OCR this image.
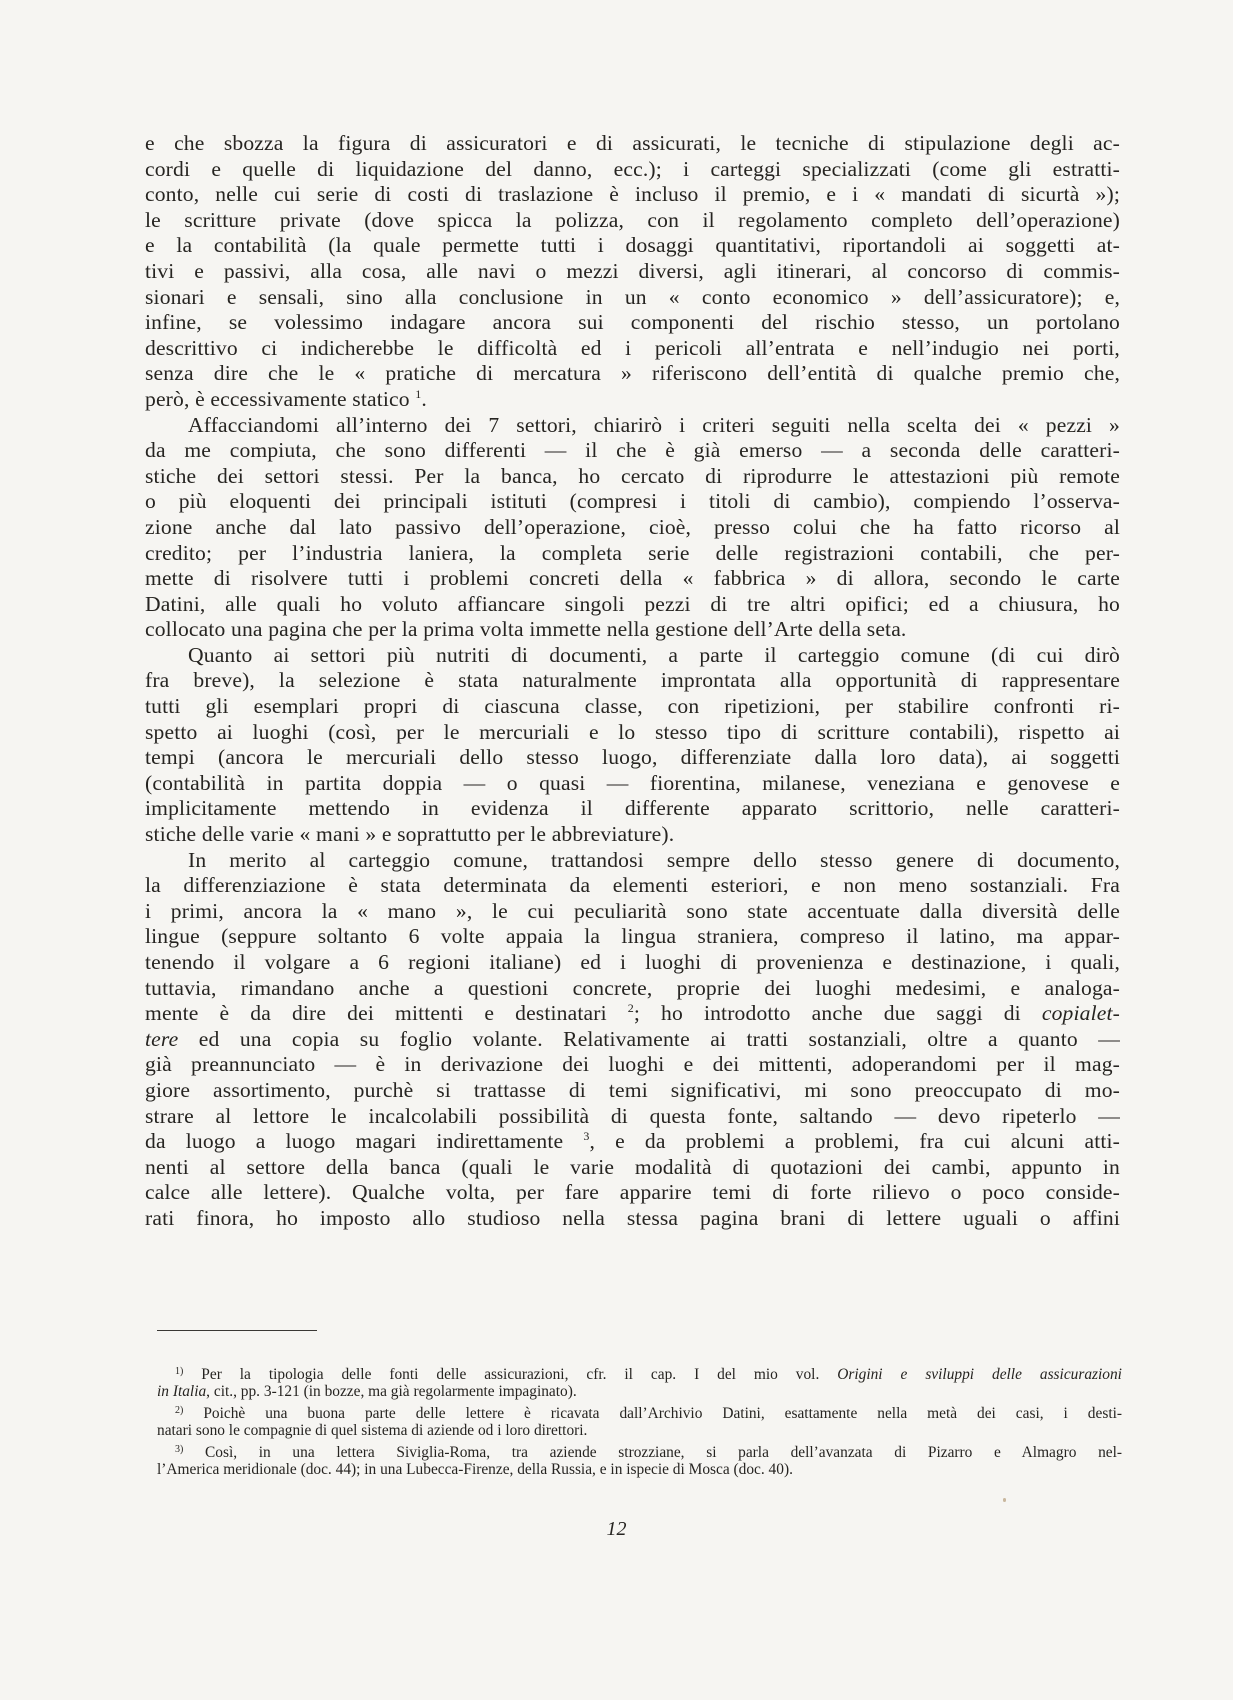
e che sbozza la figura di assicuratori e di assicurati, le tecniche di stipulazione degli ac-
cordi e quelle di liquidazione del danno, ecc.); i carteggi specializzati (come gli estratti-
conto, nelle cui serie di costi di traslazione è incluso il premio, e i « mandati di sicurtà »);
le scritture private (dove spicca la polizza, con il regolamento completo dell’operazione)
e la contabilità (la quale permette tutti i dosaggi quantitativi, riportandoli ai soggetti at-
tivi e passivi, alla cosa, alle navi o mezzi diversi, agli itinerari, al concorso di commis-
sionari e sensali, sino alla conclusione in un « conto economico » dell’assicuratore); e,
infine, se volessimo indagare ancora sui componenti del rischio stesso, un portolano
descrittivo ci indicherebbe le difficoltà ed i pericoli all’entrata e nell’indugio nei porti,
senza dire che le « pratiche di mercatura » riferiscono dell’entità di qualche premio che,
però, è eccessivamente statico $^1$.
Affacciandomi all’interno dei 7 settori, chiarirò i criteri seguiti nella scelta dei « pezzi »
da me compiuta, che sono differenti — il che è già emerso — a seconda delle caratteri-
stiche dei settori stessi. Per la banca, ho cercato di riprodurre le attestazioni più remote
o più eloquenti dei principali istituti (compresi i titoli di cambio), compiendo l’osserva-
zione anche dal lato passivo dell’operazione, cioè, presso colui che ha fatto ricorso al
credito; per l’industria laniera, la completa serie delle registrazioni contabili, che per-
mette di risolvere tutti i problemi concreti della « fabbrica » di allora, secondo le carte
Datini, alle quali ho voluto affiancare singoli pezzi di tre altri opifici; ed a chiusura, ho
collocato una pagina che per la prima volta immette nella gestione dell’Arte della seta.
Quanto ai settori più nutriti di documenti, a parte il carteggio comune (di cui dirò
fra breve), la selezione è stata naturalmente improntata alla opportunità di rappresentare
tutti gli esemplari propri di ciascuna classe, con ripetizioni, per stabilire confronti ri-
spetto ai luoghi (così, per le mercuriali e lo stesso tipo di scritture contabili), rispetto ai
tempi (ancora le mercuriali dello stesso luogo, differenziate dalla loro data), ai soggetti
(contabilità in partita doppia — o quasi — fiorentina, milanese, veneziana e genovese e
implicitamente mettendo in evidenza il differente apparato scrittorio, nelle caratteri-
stiche delle varie « mani » e soprattutto per le abbreviature).
In merito al carteggio comune, trattandosi sempre dello stesso genere di documento,
la differenziazione è stata determinata da elementi esteriori, e non meno sostanziali. Fra
i primi, ancora la « mano », le cui peculiarità sono state accentuate dalla diversità delle
lingue (seppure soltanto 6 volte appaia la lingua straniera, compreso il latino, ma appar-
tenendo il volgare a 6 regioni italiane) ed i luoghi di provenienza e destinazione, i quali,
tuttavia, rimandano anche a questioni concrete, proprie dei luoghi medesimi, e analoga-
mente è da dire dei mittenti e destinatari $^2$; ho introdotto anche due saggi di copialet-
tere ed una copia su foglio volante. Relativamente ai tratti sostanziali, oltre a quanto —
già preannunciato — è in derivazione dei luoghi e dei mittenti, adoperandomi per il mag-
giore assortimento, purchè si trattasse di temi significativi, mi sono preoccupato di mo-
strare al lettore le incalcolabili possibilità di questa fonte, saltando — devo ripeterlo —
da luogo a luogo magari indirettamente $^3$, e da problemi a problemi, fra cui alcuni atti-
nenti al settore della banca (quali le varie modalità di quotazioni dei cambi, appunto in
calce alle lettere). Qualche volta, per fare apparire temi di forte rilievo o poco conside-
rati finora, ho imposto allo studioso nella stessa pagina brani di lettere uguali o affini
$^{1)}$ Per la tipologia delle fonti delle assicurazioni, cfr. il cap. I del mio vol. Origini e sviluppi delle assicurazioni
in Italia, cit., pp. 3-121 (in bozze, ma già regolarmente impaginato).
$^{2)}$ Poichè una buona parte delle lettere è ricavata dall’Archivio Datini, esattamente nella metà dei casi, i desti-
natari sono le compagnie di quel sistema di aziende od i loro direttori.
$^{3)}$ Così, in una lettera Siviglia-Roma, tra aziende strozziane, si parla dell’avanzata di Pizarro e Almagro nel-
l’America meridionale (doc. 44); in una Lubecca-Firenze, della Russia, e in ispecie di Mosca (doc. 40).
12
